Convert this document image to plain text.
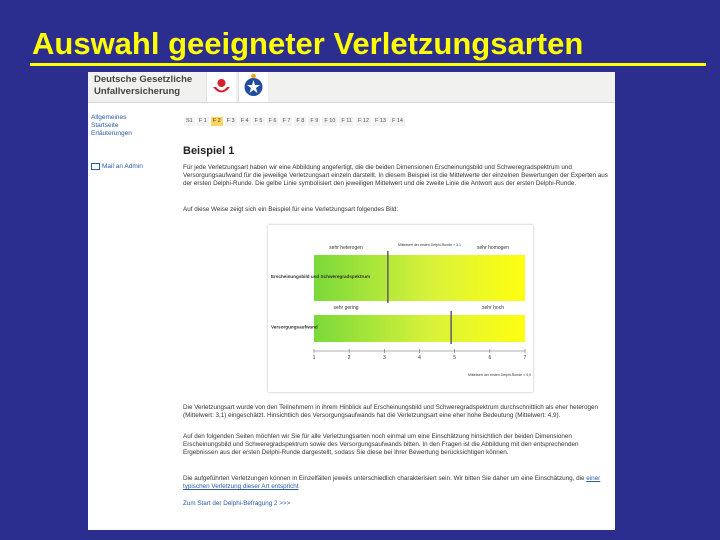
Auswahl geeigneter Verletzungsarten
Deutsche Gesetzliche
Unfallversicherung
Allgemeines
Startseite
Erläuterungen
Mail an Admin
S1	F 1	F 2	F 3	F 4	F 5	F 6	F 7	F 8	F 9	F 10	F 11	F 12	F 13	F 14
Beispiel 1
Für jede Verletzungsart haben wir eine Abbildung angefertigt, die die beiden Dimensionen Erscheinungsbild und Schweregradspektrum und Versorgungsaufwand für die jeweilige Verletzungsart einzeln darstellt. In diesem Beispiel ist die Mittelwerte der einzelnen Bewertungen der Experten aus der ersten Delphi-Runde. Die gelbe Linie symbolisiert den jeweiligen Mittelwert und die zweite Linie die Antwort aus der ersten Delphi-Runde.
Auf diese Weise zeigt sich ein Beispiel für eine Verletzungsart folgendes Bild:
Erscheinungsbild und Schweregradspektrum
sehr heterogen	sehr homogen
Versorgungsaufwand
sehr gering	sehr hoch
Mittelwert der ersten Delphi-Runde = 3,1
Mittelwert der ersten Delphi-Runde = 4,9
1	2	3	4	5	6	7
Die Verletzungsart wurde von den Teilnehmern in ihrem Hinblick auf Erscheinungsbild und Schweregradspektrum durchschnittlich als eher heterogen (Mittelwert: 3,1) eingeschätzt. Hinsichtlich des Versorgungsaufwands hat die Verletzungsart eine eher hohe Bedeutung (Mittelwert: 4,9).
Auf den folgenden Seiten möchten wir Sie für alle Verletzungsarten noch einmal um eine Einschätzung hinsichtlich der beiden Dimensionen Erscheinungsbild und Schweregradspektrum sowie des Versorgungsaufwands bitten. In den Fragen ist die Abbildung mit den entsprechenden Ergebnissen aus der ersten Delphi-Runde dargestellt, sodass Sie diese bei Ihrer Bewertung berücksichtigen können.
Die aufgeführten Verletzungen können in Einzelfällen jeweils unterschiedlich charakterisiert sein. Wir bitten Sie daher um eine Einschätzung, die einer typischen Verletzung dieser Art entspricht
Zum Start der Delphi-Befragung 2 >>>
